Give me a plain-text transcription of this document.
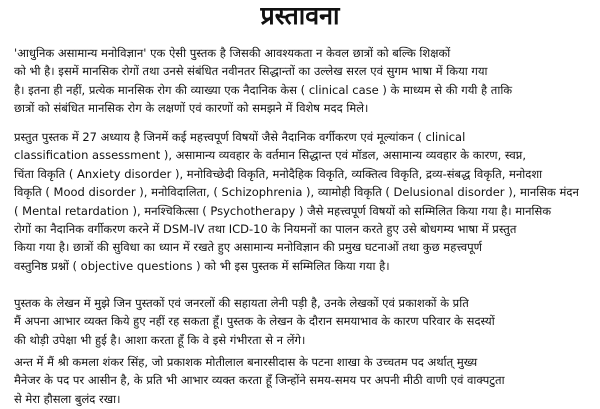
प्रस्तावना

'आधुनिक असामान्य मनोविज्ञान' एक ऐसी पुस्तक है जिसकी आवश्यकता न केवल छात्रों को बल्कि शिक्षकों
को भी है। इसमें मानसिक रोगों तथा उनसे संबंधित नवीनतर सिद्धान्तों का उल्लेख सरल एवं सुगम भाषा में किया गया
है। इतना ही नहीं, प्रत्येक मानसिक रोग की व्याख्या एक नैदानिक केस ( clinical case ) के माध्यम से की गयी है ताकि
छात्रों को संबंधित मानसिक रोग के लक्षणों एवं कारणों को समझने में विशेष मदद मिले।

प्रस्तुत पुस्तक में 27 अध्याय है जिनमें कई महत्त्वपूर्ण विषयों जैसे नैदानिक वर्गीकरण एवं मूल्यांकन ( clinical
classification assessment ), असामान्य व्यवहार के वर्तमान सिद्धान्त एवं मॉडल, असामान्य व्यवहार के कारण, स्वप्न,
चिंता विकृति ( Anxiety disorder ), मनोविच्छेदी विकृति, मनोदैहिक विकृति, व्यक्तित्व विकृति, द्रव्य-संबद्ध विकृति, मनोदशा
विकृति ( Mood disorder ), मनोविदालिता, ( Schizophrenia ), व्यामोही विकृति ( Delusional disorder ), मानसिक मंदन
( Mental retardation ), मनश्चिकित्सा ( Psychotherapy ) जैसे महत्त्वपूर्ण विषयों को सम्मिलित किया गया है। मानसिक
रोगों का नैदानिक वर्गीकरण करने में DSM-IV तथा ICD-10 के नियमनों का पालन करते हुए उसे बोधगम्य भाषा में प्रस्तुत
किया गया है। छात्रों की सुविधा का ध्यान में रखते हुए असामान्य मनोविज्ञान की प्रमुख घटनाओं तथा कुछ महत्त्वपूर्ण
वस्तुनिष्ठ प्रश्नों ( objective questions ) को भी इस पुस्तक में सम्मिलित किया गया है।

पुस्तक के लेखन में मुझे जिन पुस्तकों एवं जनरलों की सहायता लेनी पड़ी है, उनके लेखकों एवं प्रकाशकों के प्रति
मैं अपना आभार व्यक्त किये हुए नहीं रह सकता हूँ। पुस्तक के लेखन के दौरान समयाभाव के कारण परिवार के सदस्यों
की थोड़ी उपेक्षा भी हुई है। आशा करता हूँ कि वे इसे गंभीरता से न लेंगे।

अन्त में मैं श्री कमला शंकर सिंह, जो प्रकाशक मोतीलाल बनारसीदास के पटना शाखा के उच्चतम पद अर्थात् मुख्य
मैनेजर के पद पर आसीन है, के प्रति भी आभार व्यक्त करता हूँ जिन्होंने समय-समय पर अपनी मीठी वाणी एवं वाक्पटुता
से मेरा हौसला बुलंद रखा।
